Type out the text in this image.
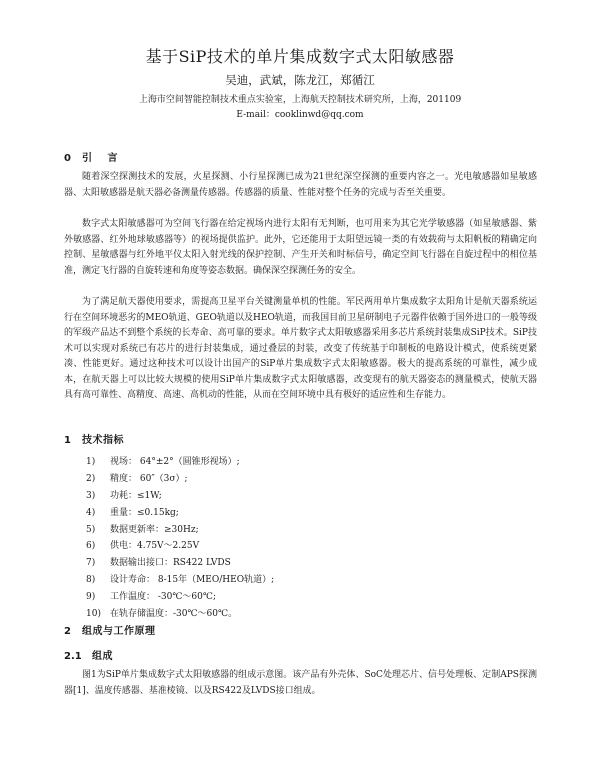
基于SiP技术的单片集成数字式太阳敏感器
吴迪，武斌，陈龙江，郑循江
上海市空间智能控制技术重点实验室，上海航天控制技术研究所，上海，201109
E-mail：cooklinwd@qq.com
0 引 言

随着深空探测技术的发展，火星探测、小行星探测已成为21世纪深空探测的重要内容之一。光电敏感器如星敏感器、太阳敏感器是航天器必备测量传感器。传感器的质量、性能对整个任务的完成与否至关重要。

数字式太阳敏感器可为空间飞行器在给定视场内进行太阳有无判断，也可用来为其它光学敏感器（如星敏感器、紫外敏感器、红外地球敏感器等）的视场提供监护。此外，它还能用于太阳望远镜一类的有效载荷与太阳帆板的精确定向控制、星敏感器与红外地平仪太阳入射光线的保护控制、产生开关和时标信号，确定空间飞行器在自旋过程中的相位基准，测定飞行器的自旋转速和角度等姿态数据。确保深空探测任务的安全。

为了满足航天器使用要求，需提高卫星平台关键测量单机的性能。军民两用单片集成数字太阳角计是航天器系统运行在空间环境恶劣的MEO轨道、GEO轨道以及HEO轨道，而我国目前卫星研制电子元器件依赖于国外进口的一般等级的军级产品达不到整个系统的长寿命、高可靠的要求。单片数字式太阳敏感器采用多芯片系统封装集成SiP技术。SiP技术可以实现对系统已有芯片的进行封装集成，通过叠层的封装，改变了传统基于印制板的电路设计模式，使系统更紧凑、性能更好。通过这种技术可以设计出国产的SiP单片集成数字式太阳敏感器。极大的提高系统的可靠性，减少成本，在航天器上可以比较大规模的使用SiP单片集成数字式太阳敏感器，改变现有的航天器姿态的测量模式，使航天器具有高可靠性、高精度、高速、高机动的性能，从而在空间环境中具有极好的适应性和生存能力。

1 技术指标
1) 视场： 64°±2°（圆锥形视场）;
2) 精度： 60″（3σ）;
3) 功耗：≤1W;
4) 重量：≤0.15kg;
5) 数据更新率：≥30Hz;
6) 供电：4.75V～2.25V
7) 数据输出接口：RS422 LVDS
8) 设计寿命： 8-15年（MEO/HEO轨道）;
9) 工作温度： -30℃～60℃;
10) 在轨存储温度：-30℃～60℃。
2 组成与工作原理
2.1 组成

图1为SiP单片集成数字式太阳敏感器的组成示意图。该产品有外壳体、SoC处理芯片、信号处理板、定制APS探测器[1]、温度传感器、基准棱镜、以及RS422及LVDS接口组成。
